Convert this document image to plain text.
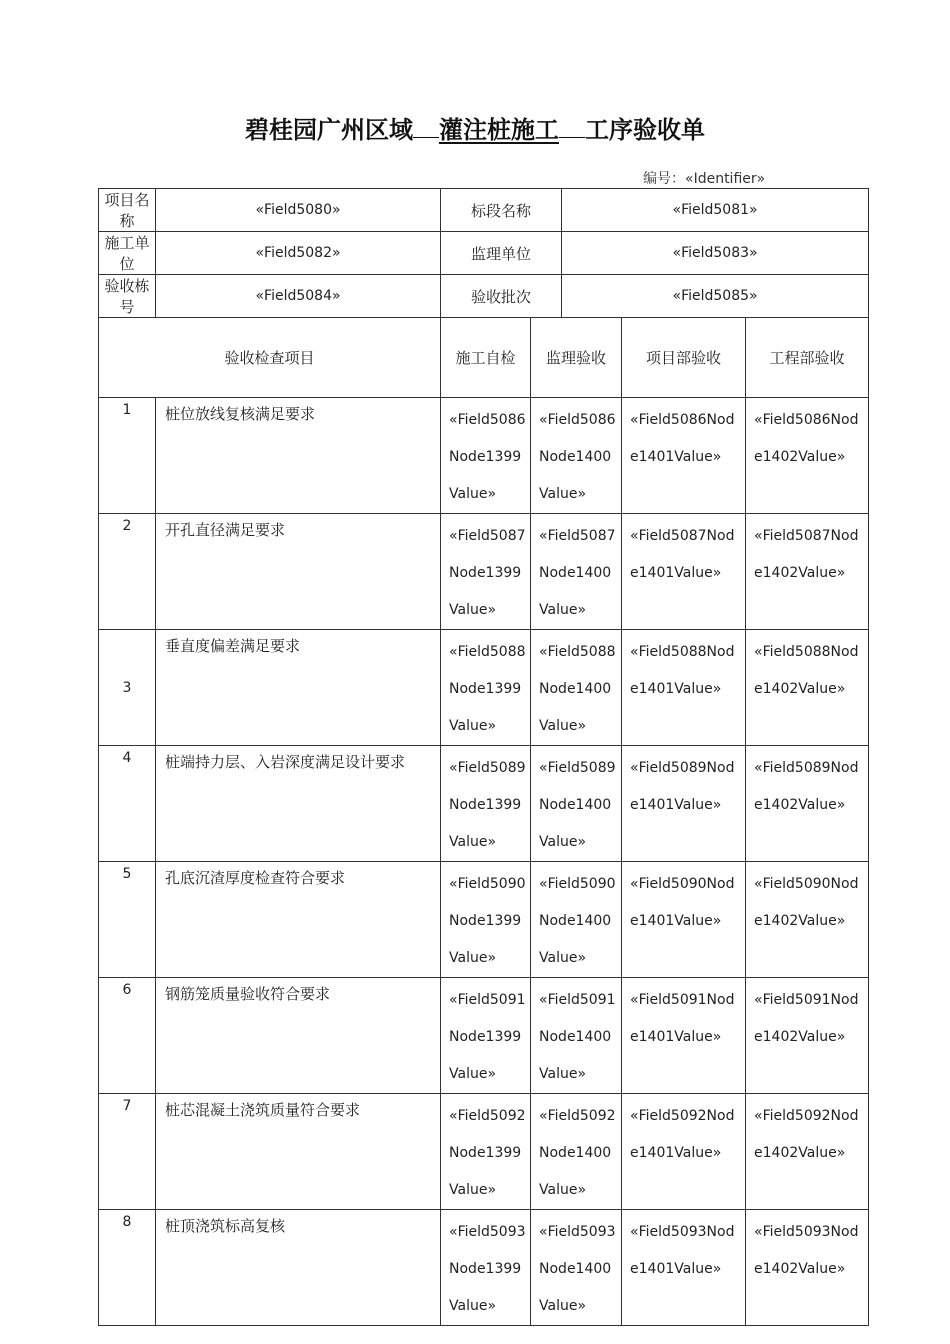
碧桂园广州区域 灌注桩施工 工序验收单
编号：«Identifier»
项目名称	«Field5080»	标段名称		«Field5081»		
施工单位	«Field5082»	监理单位		«Field5083»		
验收栋号	«Field5084»	验收批次		«Field5085»		
验收检查项目		施工自检	监理验收		项目部验收	工程部验收
1	桩位放线复核满足要求	«Field5086Node1399Value»	«Field5086Node1400Value»		«Field5086Node1401Value»	«Field5086Node1402Value»
2	开孔直径满足要求	«Field5087Node1399Value»	«Field5087Node1400Value»		«Field5087Node1401Value»	«Field5087Node1402Value»
3	垂直度偏差满足要求	«Field5088Node1399Value»	«Field5088Node1400Value»		«Field5088Node1401Value»	«Field5088Node1402Value»
4	桩端持力层、入岩深度满足设计要求	«Field5089Node1399Value»	«Field5089Node1400Value»		«Field5089Node1401Value»	«Field5089Node1402Value»
5	孔底沉渣厚度检查符合要求	«Field5090Node1399Value»	«Field5090Node1400Value»		«Field5090Node1401Value»	«Field5090Node1402Value»
6	钢筋笼质量验收符合要求	«Field5091Node1399Value»	«Field5091Node1400Value»		«Field5091Node1401Value»	«Field5091Node1402Value»
7	桩芯混凝土浇筑质量符合要求	«Field5092Node1399Value»	«Field5092Node1400Value»		«Field5092Node1401Value»	«Field5092Node1402Value»
8	桩顶浇筑标高复核	«Field5093Node1399Value»	«Field5093Node1400Value»		«Field5093Node1401Value»	«Field5093Node1402Value»
